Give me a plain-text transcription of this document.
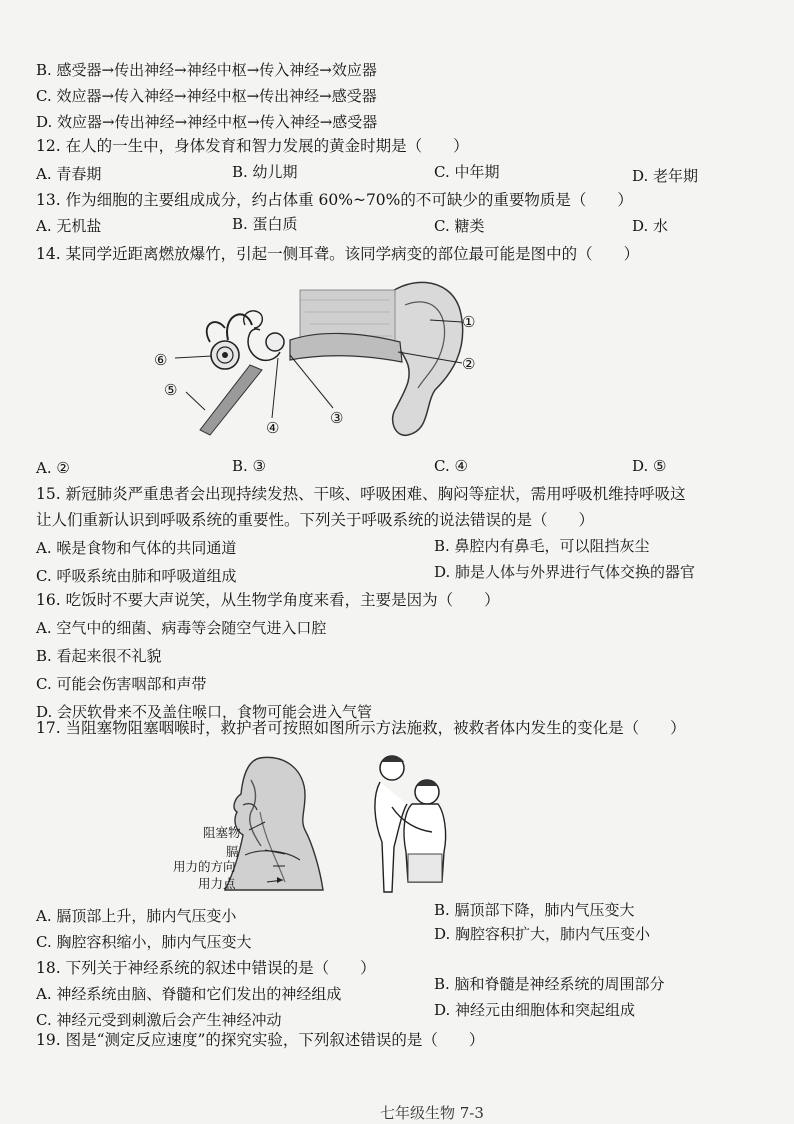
B. 感受器→传出神经→神经中枢→传入神经→效应器
C. 效应器→传入神经→神经中枢→传出神经→感受器
D. 效应器→传出神经→神经中枢→传入神经→感受器
12. 在人的一生中，身体发育和智力发展的黄金时期是（　　）
A. 青春期	B. 幼儿期	C. 中年期	D. 老年期
13. 作为细胞的主要组成成分，约占体重 60%~70%的不可缺少的重要物质是（　　）
A. 无机盐	B. 蛋白质	C. 糖类	D. 水
14. 某同学近距离燃放爆竹，引起一侧耳聋。该同学病变的部位最可能是图中的（　　）
①
②
③
④
⑤
⑥
A. ②	B. ③	C. ④	D. ⑤
15. 新冠肺炎严重患者会出现持续发热、干咳、呼吸困难、胸闷等症状，需用呼吸机维持呼吸这
让人们重新认识到呼吸系统的重要性。下列关于呼吸系统的说法错误的是（　　）
A. 喉是食物和气体的共同通道	B. 鼻腔内有鼻毛，可以阻挡灰尘
C. 呼吸系统由肺和呼吸道组成	D. 肺是人体与外界进行气体交换的器官
16. 吃饭时不要大声说笑，从生物学角度来看，主要是因为（　　）
A. 空气中的细菌、病毒等会随空气进入口腔
B. 看起来很不礼貌
C. 可能会伤害咽部和声带
D. 会厌软骨来不及盖住喉口，食物可能会进入气管
17. 当阻塞物阻塞咽喉时，救护者可按照如图所示方法施救，被救者体内发生的变化是（　　）
阻塞物
膈
用力的方向
用力点
A. 膈顶部上升，肺内气压变小	B. 膈顶部下降，肺内气压变大
C. 胸腔容积缩小，肺内气压变大	D. 胸腔容积扩大，肺内气压变小
18. 下列关于神经系统的叙述中错误的是（　　）
A. 神经系统由脑、脊髓和它们发出的神经组成
B. 脑和脊髓是神经系统的周围部分
C. 神经元受到刺激后会产生神经冲动
D. 神经元由细胞体和突起组成
19. 图是“测定反应速度”的探究实验，下列叙述错误的是（　　）
七年级生物 7-3
